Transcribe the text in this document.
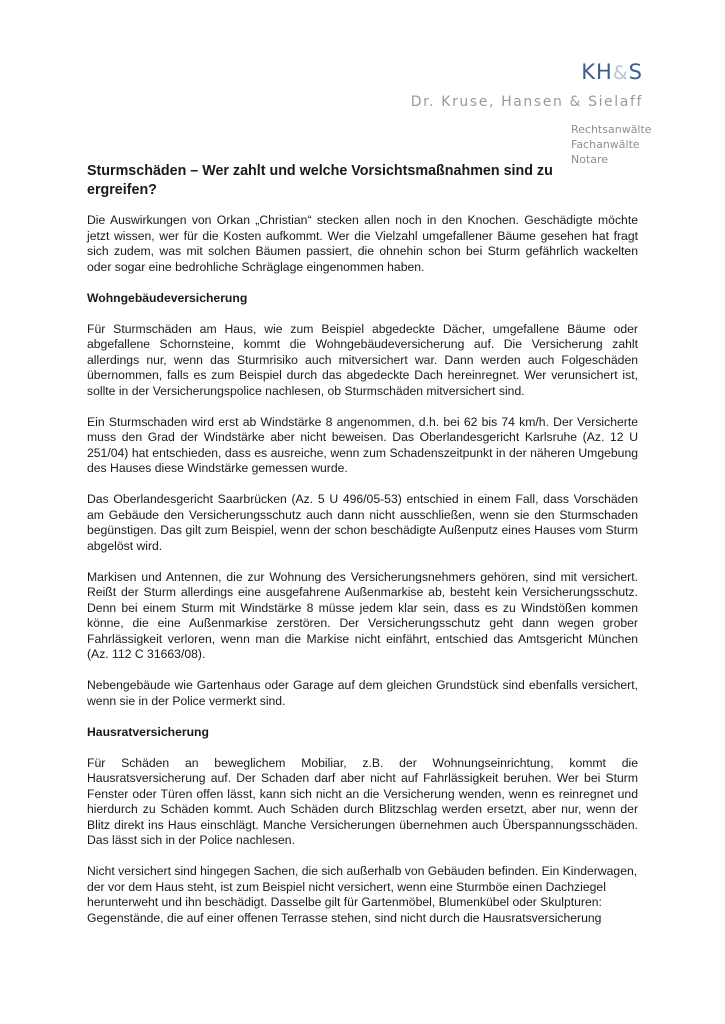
KH&S
Dr. Kruse, Hansen & Sielaff
Rechtsanwälte
Fachanwälte
Notare
Sturmschäden – Wer zahlt und welche Vorsichtsmaßnahmen sind zu ergreifen?

Die Auswirkungen von Orkan „Christian“ stecken allen noch in den Knochen. Geschädigte möchte jetzt wissen, wer für die Kosten aufkommt. Wer die Vielzahl umgefallener Bäume gesehen hat fragt sich zudem, was mit solchen Bäumen passiert, die ohnehin schon bei Sturm gefährlich wackelten oder sogar eine bedrohliche Schräglage eingenommen haben.

Wohngebäudeversicherung

Für Sturmschäden am Haus, wie zum Beispiel abgedeckte Dächer, umgefallene Bäume oder abgefallene Schornsteine, kommt die Wohngebäudeversicherung auf. Die Versicherung zahlt allerdings nur, wenn das Sturmrisiko auch mitversichert war. Dann werden auch Folgeschäden übernommen, falls es zum Beispiel durch das abgedeckte Dach hereinregnet. Wer verunsichert ist, sollte in der Versicherungspolice nachlesen, ob Sturmschäden mitversichert sind.

Ein Sturmschaden wird erst ab Windstärke 8 angenommen, d.h. bei 62 bis 74 km/h. Der Versicherte muss den Grad der Windstärke aber nicht beweisen. Das Oberlandesgericht Karlsruhe (Az. 12 U 251/04) hat entschieden, dass es ausreiche, wenn zum Schadenszeitpunkt in der näheren Umgebung des Hauses diese Windstärke gemessen wurde.

Das Oberlandesgericht Saarbrücken (Az. 5 U 496/05-53) entschied in einem Fall, dass Vorschäden am Gebäude den Versicherungsschutz auch dann nicht ausschließen, wenn sie den Sturmschaden begünstigen. Das gilt zum Beispiel, wenn der schon beschädigte Außenputz eines Hauses vom Sturm abgelöst wird.

Markisen und Antennen, die zur Wohnung des Versicherungsnehmers gehören, sind mit versichert. Reißt der Sturm allerdings eine ausgefahrene Außenmarkise ab, besteht kein Versicherungsschutz. Denn bei einem Sturm mit Windstärke 8 müsse jedem klar sein, dass es zu Windstößen kommen könne, die eine Außenmarkise zerstören. Der Versicherungsschutz geht dann wegen grober Fahrlässigkeit verloren, wenn man die Markise nicht einfährt, entschied das Amtsgericht München (Az. 112 C 31663/08).

Nebengebäude wie Gartenhaus oder Garage auf dem gleichen Grundstück sind ebenfalls versichert, wenn sie in der Police vermerkt sind.

Hausratversicherung

Für Schäden an beweglichem Mobiliar, z.B. der Wohnungseinrichtung, kommt die Hausratsversicherung auf. Der Schaden darf aber nicht auf Fahrlässigkeit beruhen. Wer bei Sturm Fenster oder Türen offen lässt, kann sich nicht an die Versicherung wenden, wenn es reinregnet und hierdurch zu Schäden kommt. Auch Schäden durch Blitzschlag werden ersetzt, aber nur, wenn der Blitz direkt ins Haus einschlägt. Manche Versicherungen übernehmen auch Überspannungsschäden. Das lässt sich in der Police nachlesen.

Nicht versichert sind hingegen Sachen, die sich außerhalb von Gebäuden befinden. Ein Kinderwagen, der vor dem Haus steht, ist zum Beispiel nicht versichert, wenn eine Sturmböe einen Dachziegel herunterweht und ihn beschädigt. Dasselbe gilt für Gartenmöbel, Blumenkübel oder Skulpturen: Gegenstände, die auf einer offenen Terrasse stehen, sind nicht durch die Hausratsversicherung
